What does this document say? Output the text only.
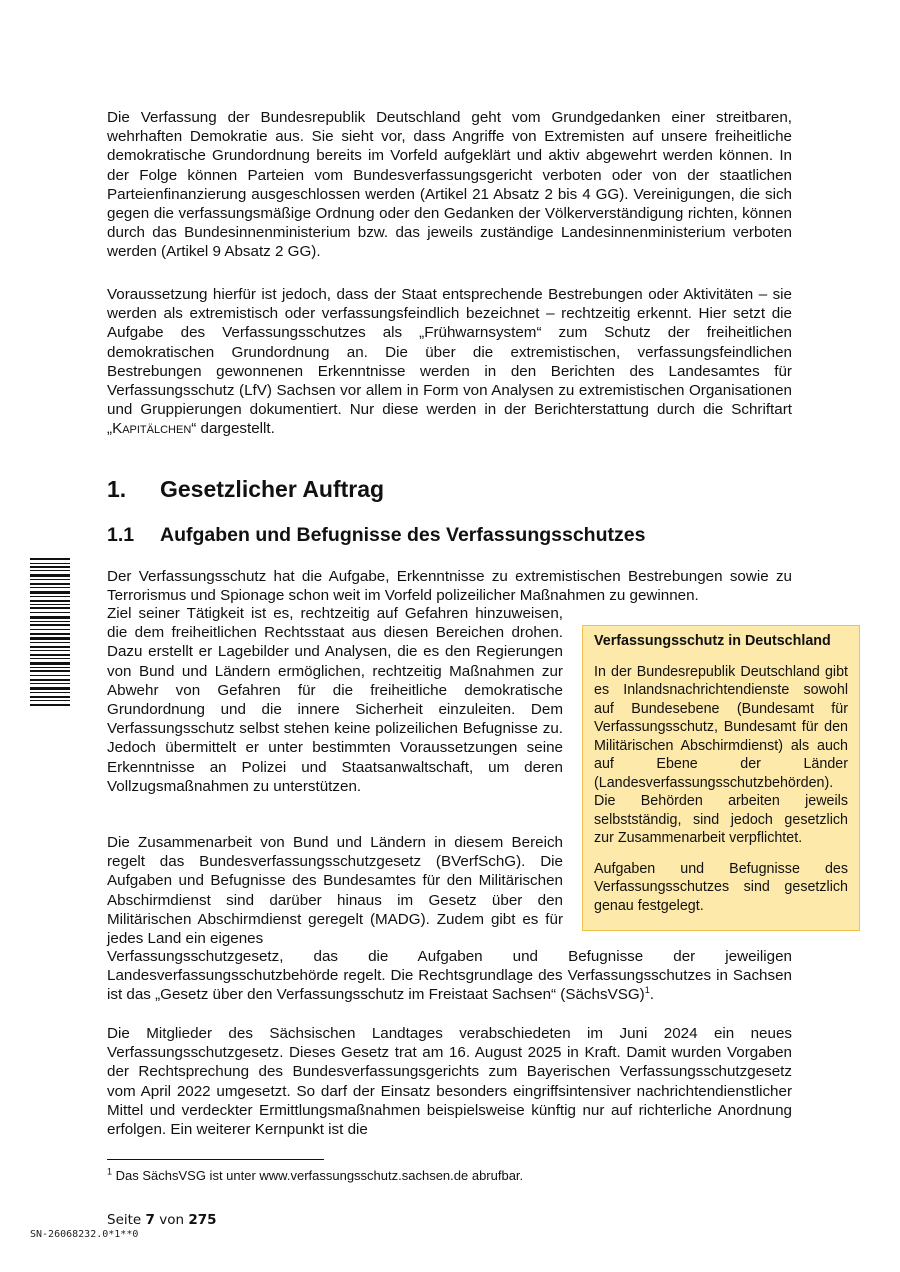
Die Verfassung der Bundesrepublik Deutschland geht vom Grundgedanken einer streitbaren, wehrhaften Demokratie aus. Sie sieht vor, dass Angriffe von Extremisten auf unsere freiheitliche demokratische Grundordnung bereits im Vorfeld aufgeklärt und aktiv abgewehrt werden können. In der Folge können Parteien vom Bundesverfassungsgericht verboten oder von der staatlichen Parteienfinanzierung ausgeschlossen werden (Artikel 21 Absatz 2 bis 4 GG). Vereinigungen, die sich gegen die verfassungsmäßige Ordnung oder den Gedanken der Völkerverständigung richten, können durch das Bundesinnenministerium bzw. das jeweils zuständige Landesinnenministerium verboten werden (Artikel 9 Absatz 2 GG).

Voraussetzung hierfür ist jedoch, dass der Staat entsprechende Bestrebungen oder Aktivitäten – sie werden als extremistisch oder verfassungsfeindlich bezeichnet – rechtzeitig erkennt. Hier setzt die Aufgabe des Verfassungsschutzes als „Frühwarnsystem“ zum Schutz der freiheitlichen demokratischen Grundordnung an. Die über die extremistischen, verfassungsfeindlichen Bestrebungen gewonnenen Erkenntnisse werden in den Berichten des Landesamtes für Verfassungsschutz (LfV) Sachsen vor allem in Form von Analysen zu extremistischen Organisationen und Gruppierungen dokumentiert. Nur diese werden in der Berichterstattung durch die Schriftart „Kapitälchen“ dargestellt.

1. Gesetzlicher Auftrag
1.1 Aufgaben und Befugnisse des Verfassungsschutzes

Der Verfassungsschutz hat die Aufgabe, Erkenntnisse zu extremistischen Bestrebungen sowie zu Terrorismus und Spionage schon weit im Vorfeld polizeilicher Maßnahmen zu gewinnen.

Ziel seiner Tätigkeit ist es, rechtzeitig auf Gefahren hinzuweisen, die dem freiheitlichen Rechtsstaat aus diesen Bereichen drohen. Dazu erstellt er Lagebilder und Analysen, die es den Regierungen von Bund und Ländern ermöglichen, rechtzeitig Maßnahmen zur Abwehr von Gefahren für die freiheitliche demokratische Grundordnung und die innere Sicherheit einzuleiten. Dem Verfassungsschutz selbst stehen keine polizeilichen Befugnisse zu. Jedoch übermittelt er unter bestimmten Voraussetzungen seine Erkenntnisse an Polizei und Staatsanwaltschaft, um deren Vollzugsmaßnahmen zu unterstützen.

Die Zusammenarbeit von Bund und Ländern in diesem Bereich regelt das Bundesverfassungsschutzgesetz (BVerfSchG). Die Aufgaben und Befugnisse des Bundesamtes für den Militärischen Abschirmdienst sind darüber hinaus im Gesetz über den Militärischen Abschirmdienst geregelt (MADG). Zudem gibt es für jedes Land ein eigenes

Verfassungsschutzgesetz, das die Aufgaben und Befugnisse der jeweiligen Landesverfassungsschutzbehörde regelt. Die Rechtsgrundlage des Verfassungsschutzes in Sachsen ist das „Gesetz über den Verfassungsschutz im Freistaat Sachsen“ (SächsVSG)$^1$.

Die Mitglieder des Sächsischen Landtages verabschiedeten im Juni 2024 ein neues Verfassungsschutzgesetz. Dieses Gesetz trat am 16. August 2025 in Kraft. Damit wurden Vorgaben der Rechtsprechung des Bundesverfassungsgerichts zum Bayerischen Verfassungsschutzgesetz vom April 2022 umgesetzt. So darf der Einsatz besonders eingriffsintensiver nachrichtendienstlicher Mittel und verdeckter Ermittlungsmaßnahmen beispielsweise künftig nur auf richterliche Anordnung erfolgen. Ein weiterer Kernpunkt ist die

Verfassungsschutz in Deutschland

In der Bundesrepublik Deutschland gibt es Inlandsnachrichtendienste sowohl auf Bundesebene (Bundesamt für Verfassungsschutz, Bundesamt für den Militärischen Abschirmdienst) als auch auf Ebene der Länder (Landesverfassungsschutzbehörden). Die Behörden arbeiten jeweils selbstständig, sind jedoch gesetzlich zur Zusammenarbeit verpflichtet.

Aufgaben und Befugnisse des Verfassungsschutzes sind gesetzlich genau festgelegt.

$^1$ Das SächsVSG ist unter www.verfassungsschutz.sachsen.de abrufbar.

Seite 7 von 275

SN-26068232.0*1**0
